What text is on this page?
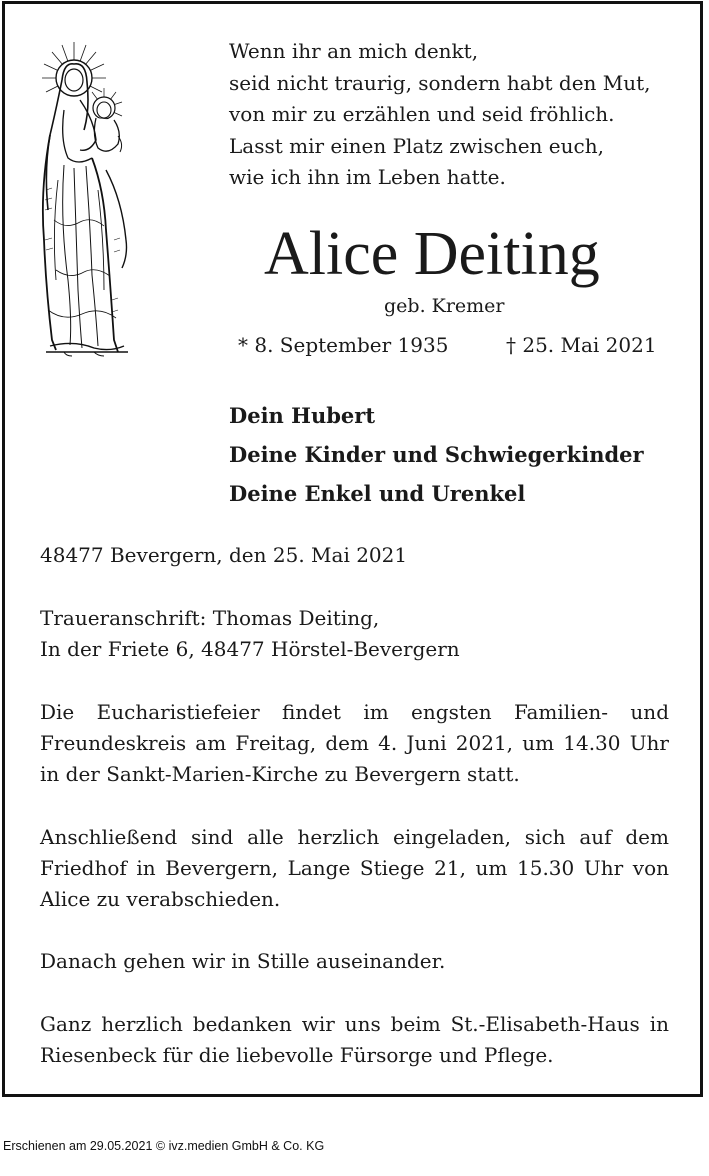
Wenn ihr an mich denkt,
seid nicht traurig, sondern habt den Mut,
von mir zu erzählen und seid fröhlich.
Lasst mir einen Platz zwischen euch,
wie ich ihn im Leben hatte.
Alice Deiting
geb. Kremer
* 8. September 1935	† 25. Mai 2021
Dein Hubert
Deine Kinder und Schwiegerkinder
Deine Enkel und Urenkel
48477 Bevergern, den 25. Mai 2021
Traueranschrift: Thomas Deiting,
In der Friete 6, 48477 Hörstel-Bevergern
Die Eucharistiefeier findet im engsten Familien- und Freundeskreis am Freitag, dem 4. Juni 2021, um 14.30 Uhr in der Sankt-Marien-Kirche zu Bevergern statt.
Anschließend sind alle herzlich eingeladen, sich auf dem Friedhof in Bevergern, Lange Stiege 21, um 15.30 Uhr von Alice zu verabschieden.
Danach gehen wir in Stille auseinander.
Ganz herzlich bedanken wir uns beim St.-Elisabeth-Haus in Riesenbeck für die liebevolle Fürsorge und Pflege.
Erschienen am 29.05.2021 © ivz.medien GmbH & Co. KG
